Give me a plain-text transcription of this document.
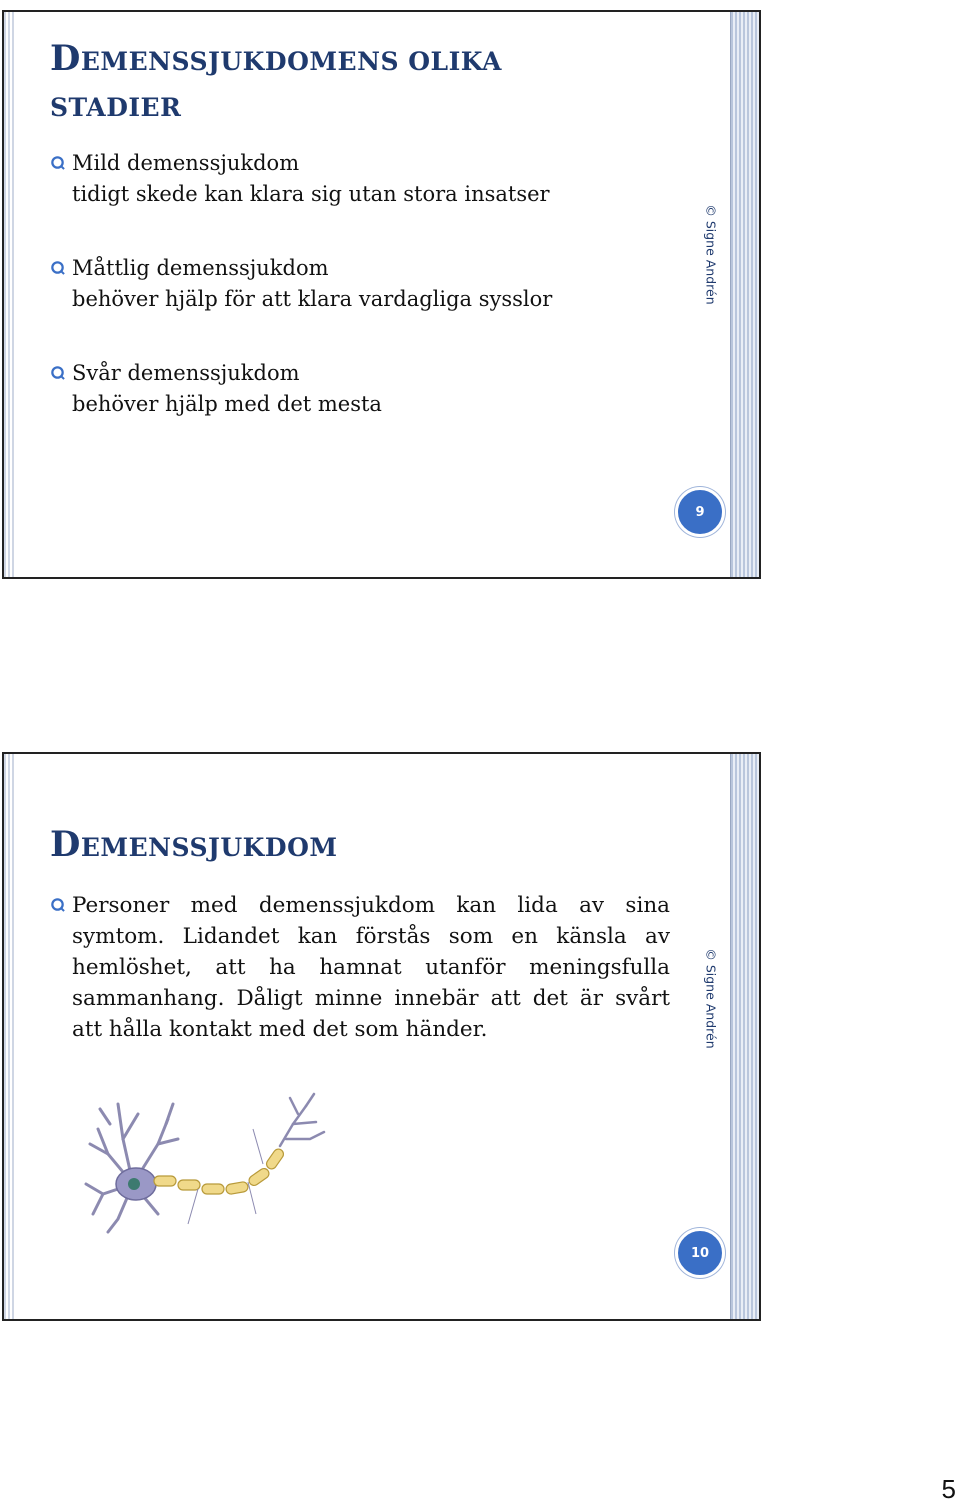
DEMENSSJUKDOMENS OLIKA
STADIER
Mild demenssjukdom
tidigt skede kan klara sig utan stora insatser
Måttlig demenssjukdom
behöver hjälp för att klara vardagliga sysslor
Svår demenssjukdom
behöver hjälp med det mesta
© Signe Andrén
9
DEMENSSJUKDOM
Personer med demenssjukdom kan lida av sina symtom. Lidandet kan förstås som en känsla av hemlöshet, att ha hamnat utanför meningsfulla sammanhang. Dåligt minne innebär att det är svårt att hålla kontakt med det som händer.	© Signe Andrén
10
5
